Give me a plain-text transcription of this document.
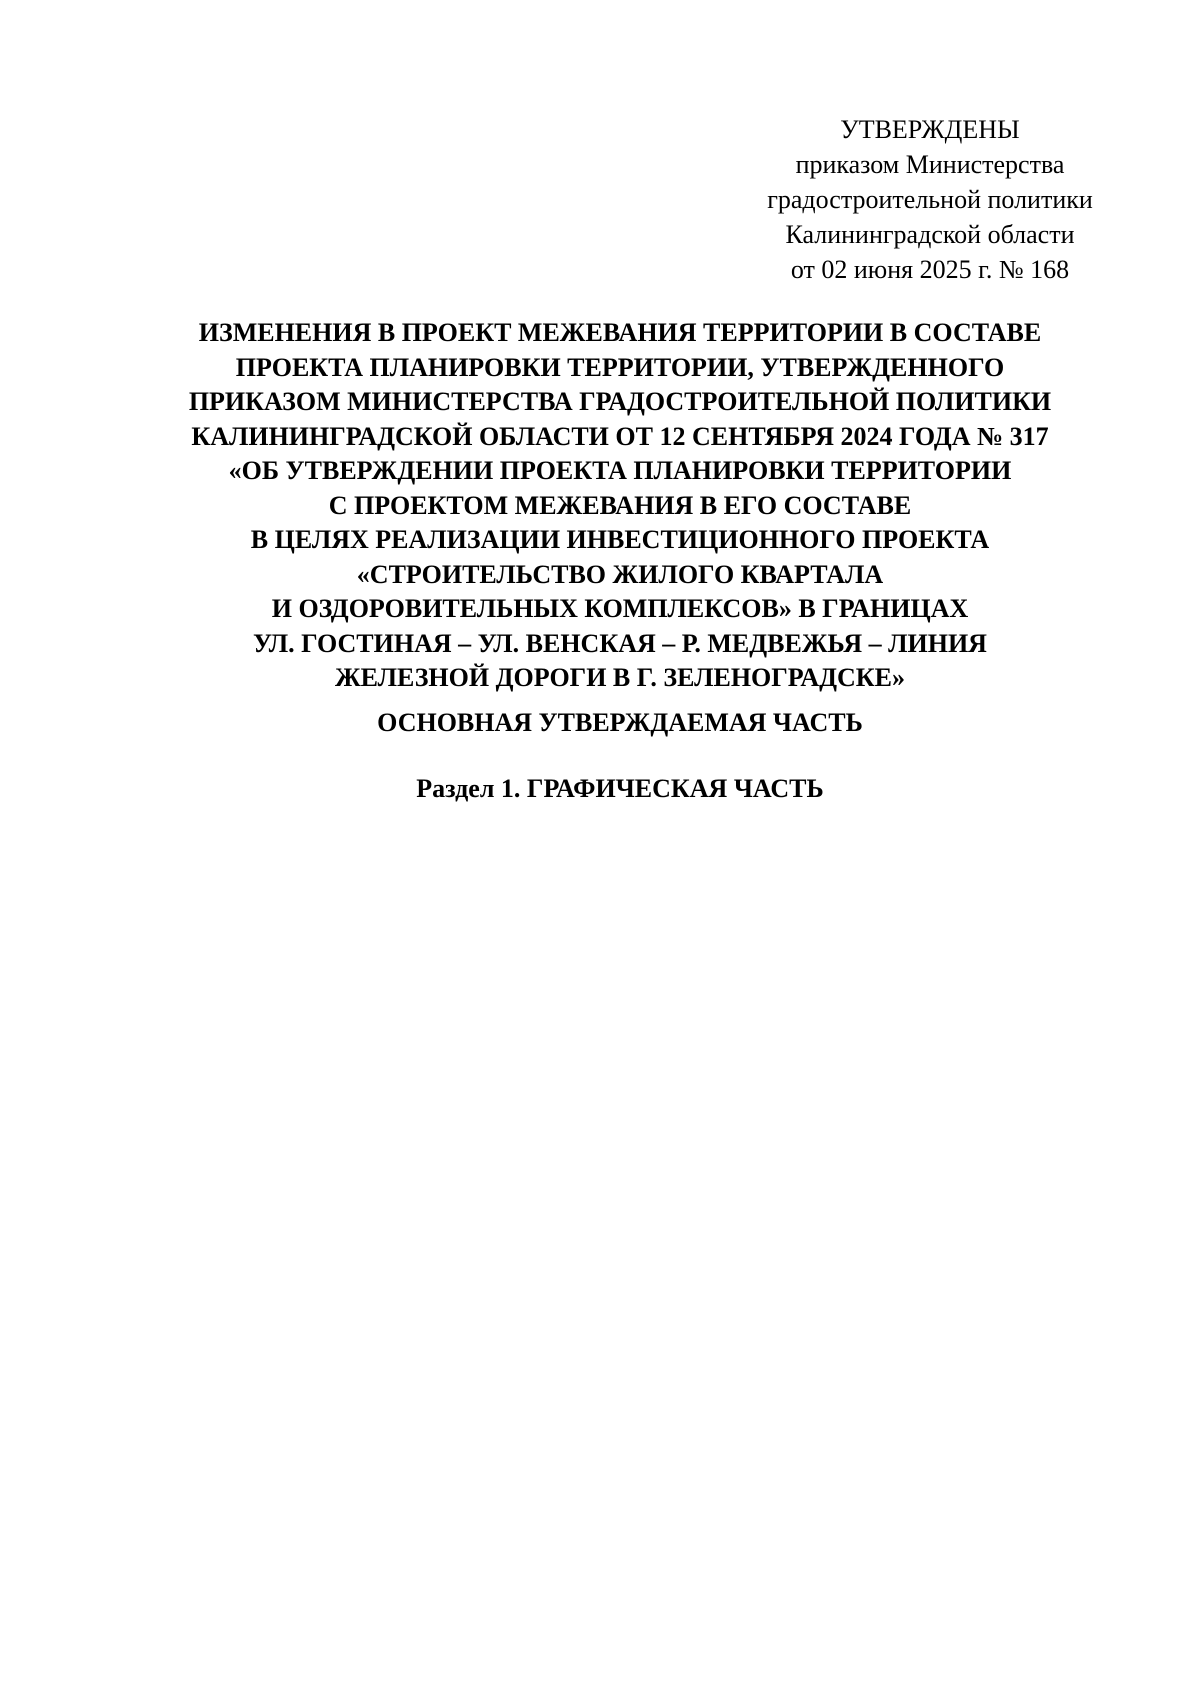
УТВЕРЖДЕНЫ
приказом Министерства
градостроительной политики
Калининградской области
от 02 июня 2025 г. № 168
ИЗМЕНЕНИЯ В ПРОЕКТ МЕЖЕВАНИЯ ТЕРРИТОРИИ В СОСТАВЕ
ПРОЕКТА ПЛАНИРОВКИ ТЕРРИТОРИИ, УТВЕРЖДЕННОГО
ПРИКАЗОМ МИНИСТЕРСТВА ГРАДОСТРОИТЕЛЬНОЙ ПОЛИТИКИ
КАЛИНИНГРАДСКОЙ ОБЛАСТИ ОТ 12 СЕНТЯБРЯ 2024 ГОДА № 317
«ОБ УТВЕРЖДЕНИИ ПРОЕКТА ПЛАНИРОВКИ ТЕРРИТОРИИ
С ПРОЕКТОМ МЕЖЕВАНИЯ В ЕГО СОСТАВЕ
В ЦЕЛЯХ РЕАЛИЗАЦИИ ИНВЕСТИЦИОННОГО ПРОЕКТА
«СТРОИТЕЛЬСТВО ЖИЛОГО КВАРТАЛА
И ОЗДОРОВИТЕЛЬНЫХ КОМПЛЕКСОВ» В ГРАНИЦАХ
УЛ. ГОСТИНАЯ – УЛ. ВЕНСКАЯ – Р. МЕДВЕЖЬЯ – ЛИНИЯ
ЖЕЛЕЗНОЙ ДОРОГИ В Г. ЗЕЛЕНОГРАДСКЕ»
ОСНОВНАЯ УТВЕРЖДАЕМАЯ ЧАСТЬ
Раздел 1. ГРАФИЧЕСКАЯ ЧАСТЬ
